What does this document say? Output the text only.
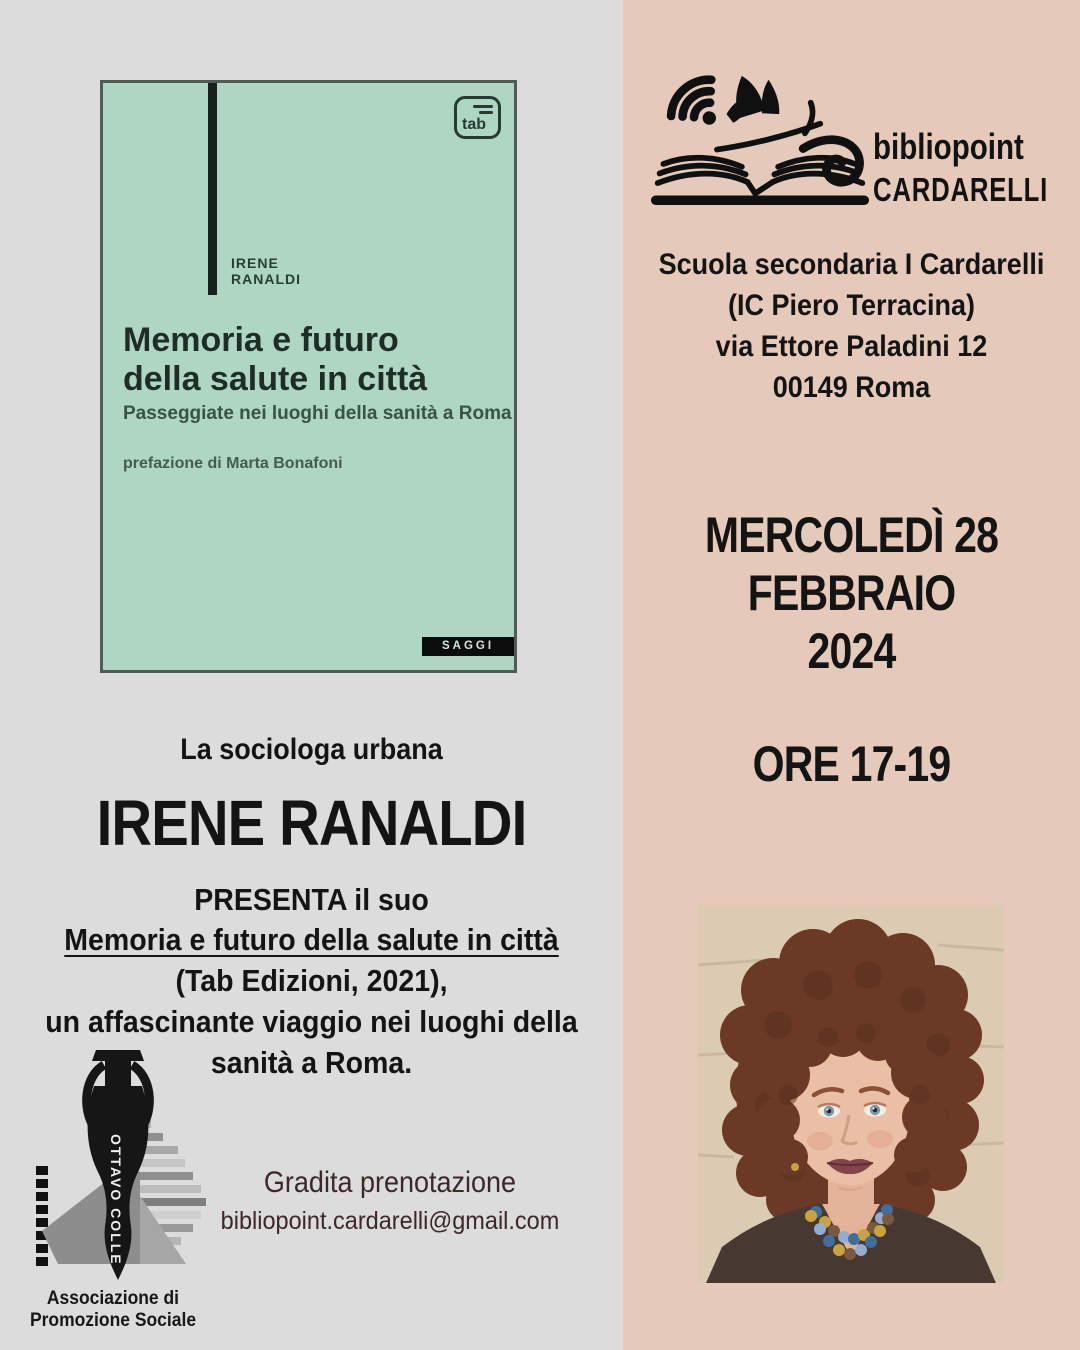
tab
IRENE
RANALDI
Memoria e futuro
della salute in città
Passeggiate nei luoghi della sanità a Roma
prefazione di Marta Bonafoni
SAGGI
La sociologa urbana
IRENE RANALDI
PRESENTA il suo
Memoria e futuro della salute in città
(Tab Edizioni, 2021),
un affascinante viaggio nei luoghi della
sanità a Roma.
OTTAVO COLLE
Associazione di
Promozione Sociale
Gradita prenotazione
bibliopoint.cardarelli@gmail.com
bibliopoint
CARDARELLI
Scuola secondaria I Cardarelli
(IC Piero Terracina)
via Ettore Paladini 12
00149 Roma
MERCOLEDÌ 28
FEBBRAIO
2024
ORE 17-19
